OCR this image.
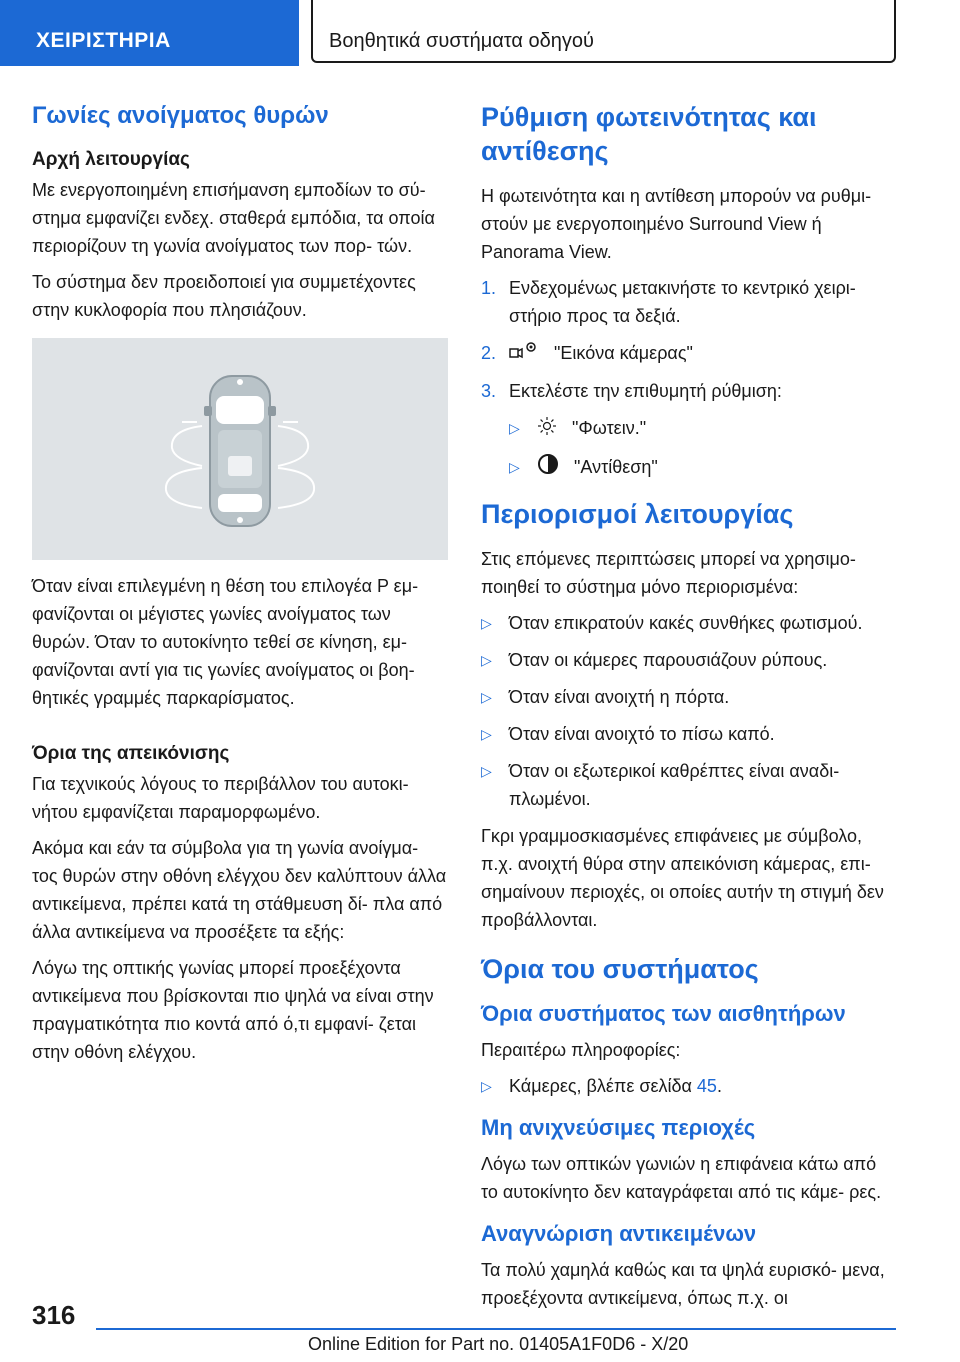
ΧΕΙΡΙΣΤΗΡΙΑ	Βοηθητικά συστήματα οδηγού
Γωνίες ανοίγματος θυρών
Αρχή λειτουργίας

Με ενεργοποιημένη επισήμανση εμποδίων το σύ- στημα εμφανίζει ενδεχ. σταθερά εμπόδια, τα οποία περιορίζουν τη γωνία ανοίγματος των πορ- τών.

Το σύστημα δεν προειδοποιεί για συμμετέχοντες στην κυκλοφορία που πλησιάζουν.

Όταν είναι επιλεγμένη η θέση του επιλογέα P εμ- φανίζονται οι μέγιστες γωνίες ανοίγματος των θυρών. Όταν το αυτοκίνητο τεθεί σε κίνηση, εμ- φανίζονται αντί για τις γωνίες ανοίγματος οι βοη- θητικές γραμμές παρκαρίσματος.

Όρια της απεικόνισης

Για τεχνικούς λόγους το περιβάλλον του αυτοκι- νήτου εμφανίζεται παραμορφωμένο.

Ακόμα και εάν τα σύμβολα για τη γωνία ανοίγμα- τος θυρών στην οθόνη ελέγχου δεν καλύπτουν άλλα αντικείμενα, πρέπει κατά τη στάθμευση δί- πλα από άλλα αντικείμενα να προσέξετε τα εξής:

Λόγω της οπτικής γωνίας μπορεί προεξέχοντα αντικείμενα που βρίσκονται πιο ψηλά να είναι στην πραγματικότητα πιο κοντά από ό,τι εμφανί- ζεται στην οθόνη ελέγχου.

Ρύθμιση φωτεινότητας και αντίθεσης

Η φωτεινότητα και η αντίθεση μπορούν να ρυθμι- στούν με ενεργοποιημένο Surround View ή Panorama View.

1. Ενδεχομένως μετακινήστε το κεντρικό χειρι- στήριο προς τα δεξιά.
2.	"Εικόνα κάμερας"
3. Εκτελέστε την επιθυμητή ρύθμιση:
▷	"Φωτειν."
▷	"Αντίθεση"
Περιορισμοί λειτουργίας

Στις επόμενες περιπτώσεις μπορεί να χρησιμο- ποιηθεί το σύστημα μόνο περιορισμένα:

▷ Όταν επικρατούν κακές συνθήκες φωτισμού.
▷ Όταν οι κάμερες παρουσιάζουν ρύπους.
▷ Όταν είναι ανοιχτή η πόρτα.
▷ Όταν είναι ανοιχτό το πίσω καπό.
▷ Όταν οι εξωτερικοί καθρέπτες είναι αναδι- πλωμένοι.

Γκρι γραμμοσκιασμένες επιφάνειες με σύμβολο, π.χ. ανοιχτή θύρα στην απεικόνιση κάμερας, επι- σημαίνουν περιοχές, οι οποίες αυτήν τη στιγμή δεν προβάλλονται.

Όρια του συστήματος
Όρια συστήματος των αισθητήρων

Περαιτέρω πληροφορίες:

▷ Κάμερες, βλέπε σελίδα 45.
Μη ανιχνεύσιμες περιοχές

Λόγω των οπτικών γωνιών η επιφάνεια κάτω από το αυτοκίνητο δεν καταγράφεται από τις κάμε- ρες.

Αναγνώριση αντικειμένων

Τα πολύ χαμηλά καθώς και τα ψηλά ευρισκό- μενα, προεξέχοντα αντικείμενα, όπως π.χ. οι

316
Online Edition for Part no. 01405A1F0D6 - X/20
